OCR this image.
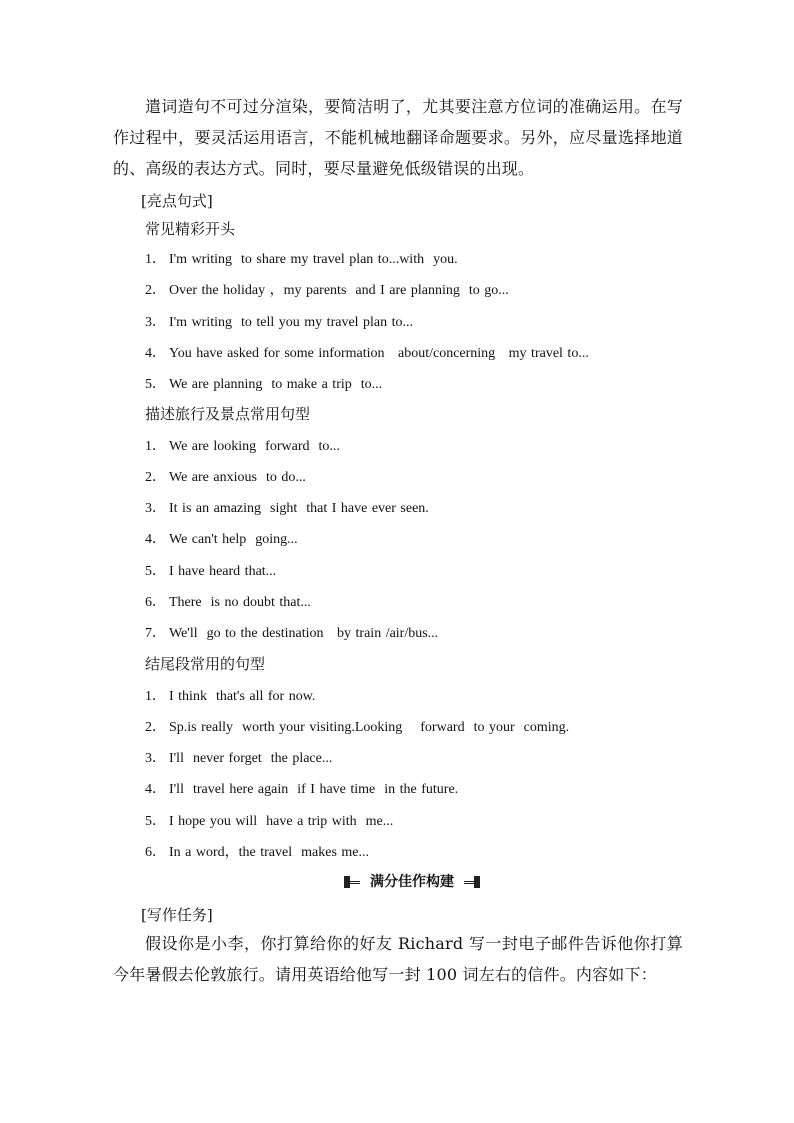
遣词造句不可过分渲染，要简洁明了，尤其要注意方位词的准确运用。在写作过程中，要灵活运用语言，不能机械地翻译命题要求。另外，应尽量选择地道的、高级的表达方式。同时，要尽量避免低级错误的出现。
[亮点句式]
常见精彩开头
1． I'm writing  to share my travel plan to...with  you.
2． Over the holiday ，my parents  and I are planning  to go...
3． I'm writing  to tell you my travel plan to...
4． You have asked for some information   about/concerning   my travel to...
5． We are planning  to make a trip  to...
描述旅行及景点常用句型
1． We are looking  forward  to...
2． We are anxious  to do...
3． It is an amazing  sight  that I have ever seen.
4． We can't help  going...
5． I have heard that...
6． There  is no doubt that...
7． We'll  go to the destination   by train /air/bus...
结尾段常用的句型
1． I think  that's all for now.
2． Sp.is really  worth your visiting.Looking    forward  to your  coming.
3． I'll  never forget  the place...
4． I'll  travel here again  if I have time  in the future.
5． I hope you will  have a trip with  me...
6． In a word，the travel  makes me...
满分佳作构建
[写作任务]
假设你是小李，你打算给你的好友 Richard 写一封电子邮件告诉他你打算今年暑假去伦敦旅行。请用英语给他写一封 100 词左右的信件。内容如下：
